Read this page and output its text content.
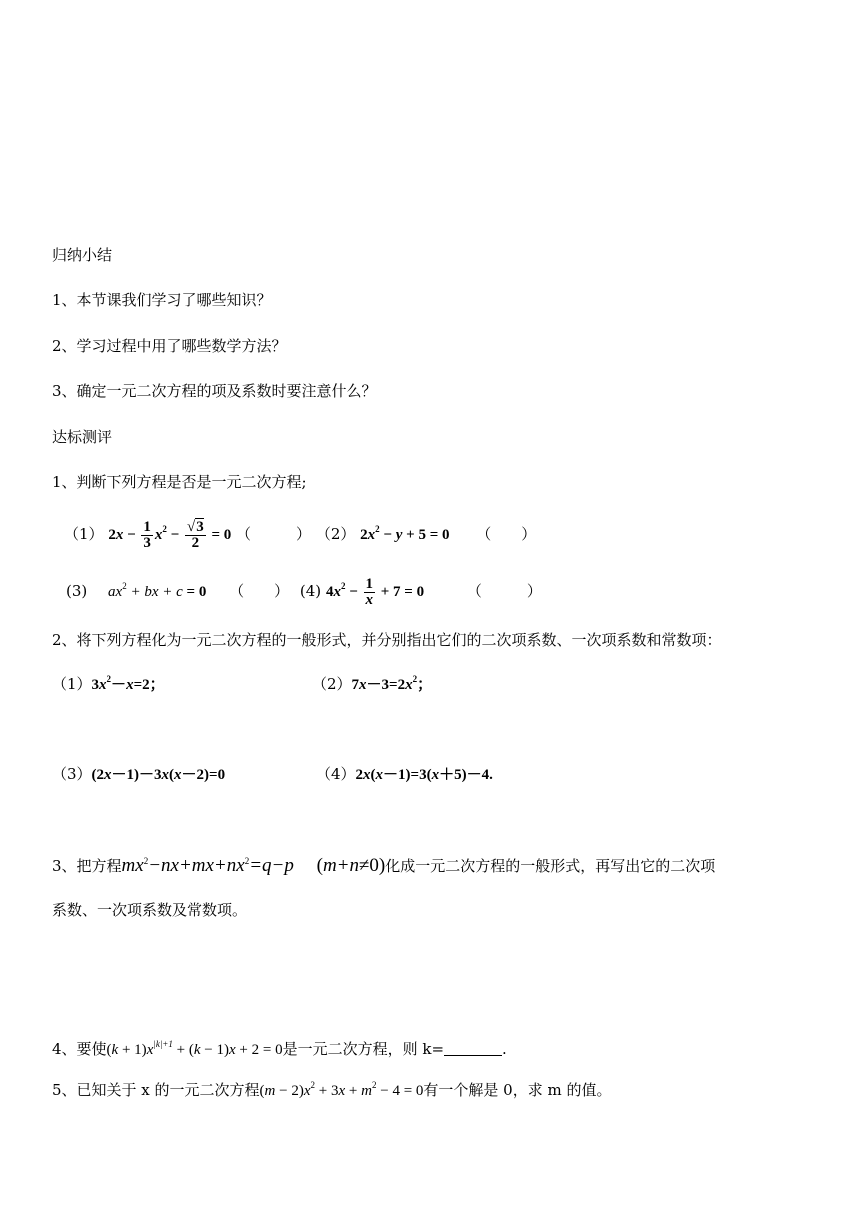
归纳小结
1、本节课我们学习了哪些知识？
2、学习过程中用了哪些数学方法？
3、确定一元二次方程的项及系数时要注意什么？
达标测评
1、判断下列方程是否是一元二次方程;
（1） $2x - \frac{1}{3} x^2 - \frac{√3}{2} = 0$ （　　　） （2） $2x^2 - y + 5 = 0$ （　　）
(3) $ax^2$ + bx + c = 0 （　　） (4) $4x^2 - \frac{1}{x} + 7 = 0$	（　　　）
2、将下列方程化为一元二次方程的一般形式，并分别指出它们的二次项系数、一次项系数和常数项：
$(1)3x^2-x=2$；	$(2)7x-3=2x^2$；
（3）(2x－1)－3x(x－2)=0	（4）2x(x－1)=3(x＋5)－4.
3、把方程$mx^2-nx+mx+nx^2=q-p$ (m+n≠0)化成一元二次方程的一般形式，再写出它的二次项
系数、一次项系数及常数项。
4、要使$(k + 1)x^{|k|+1} + (k - 1)x + 2 = 0$是一元二次方程，则 k=	.
5、已知关于 x 的一元二次方程$(m - 2)x^2 + 3x + m^2 - 4 = 0$有一个解是 0，求 m 的值。
